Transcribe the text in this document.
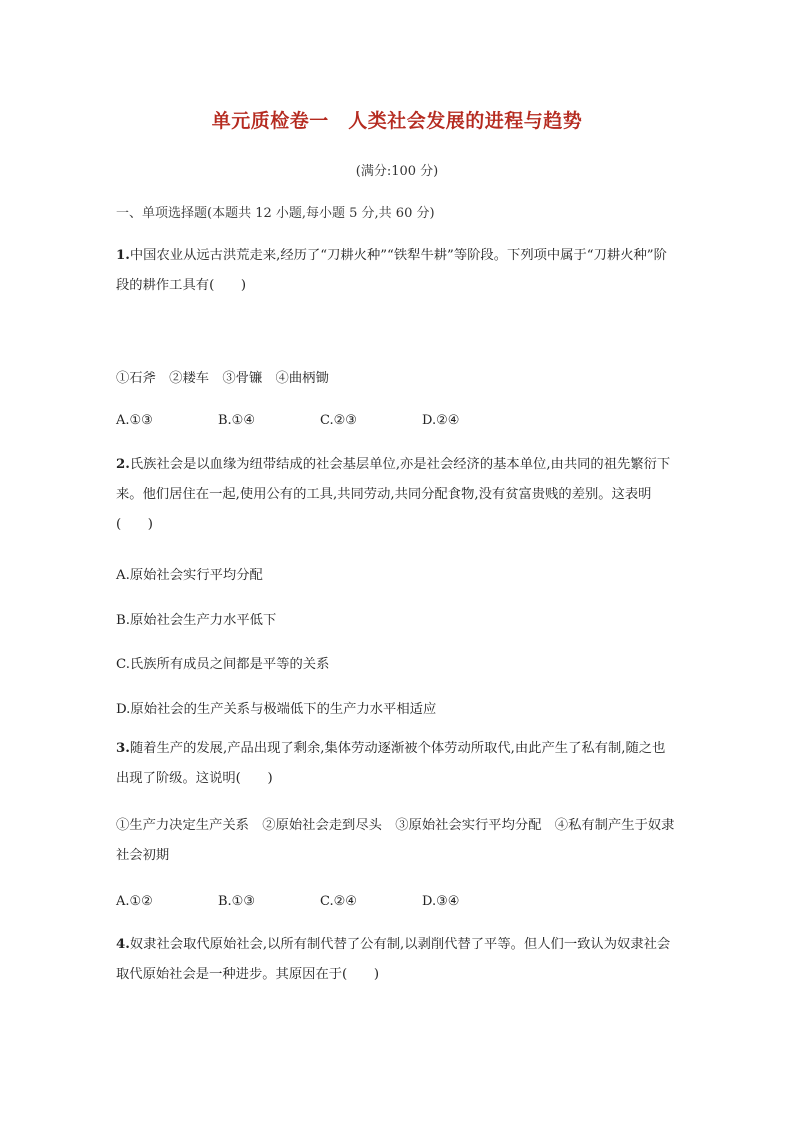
单元质检卷一　人类社会发展的进程与趋势
(满分:100 分)
一、单项选择题(本题共 12 小题,每小题 5 分,共 60 分)
1.中国农业从远古洪荒走来,经历了“刀耕火种”“铁犁牛耕”等阶段。下列项中属于“刀耕火种”阶段的耕作工具有(　　)
①石斧　②耧车　③骨镰　④曲柄锄
A.①③	B.①④	C.②③	D.②④
2.氏族社会是以血缘为纽带结成的社会基层单位,亦是社会经济的基本单位,由共同的祖先繁衍下来。他们居住在一起,使用公有的工具,共同劳动,共同分配食物,没有贫富贵贱的差别。这表明(　　)
A.原始社会实行平均分配
B.原始社会生产力水平低下
C.氏族所有成员之间都是平等的关系
D.原始社会的生产关系与极端低下的生产力水平相适应
3.随着生产的发展,产品出现了剩余,集体劳动逐渐被个体劳动所取代,由此产生了私有制,随之也出现了阶级。这说明(　　)
①生产力决定生产关系　②原始社会走到尽头　③原始社会实行平均分配　④私有制产生于奴隶社会初期
A.①②	B.①③	C.②④	D.③④
4.奴隶社会取代原始社会,以所有制代替了公有制,以剥削代替了平等。但人们一致认为奴隶社会取代原始社会是一种进步。其原因在于(　　)
